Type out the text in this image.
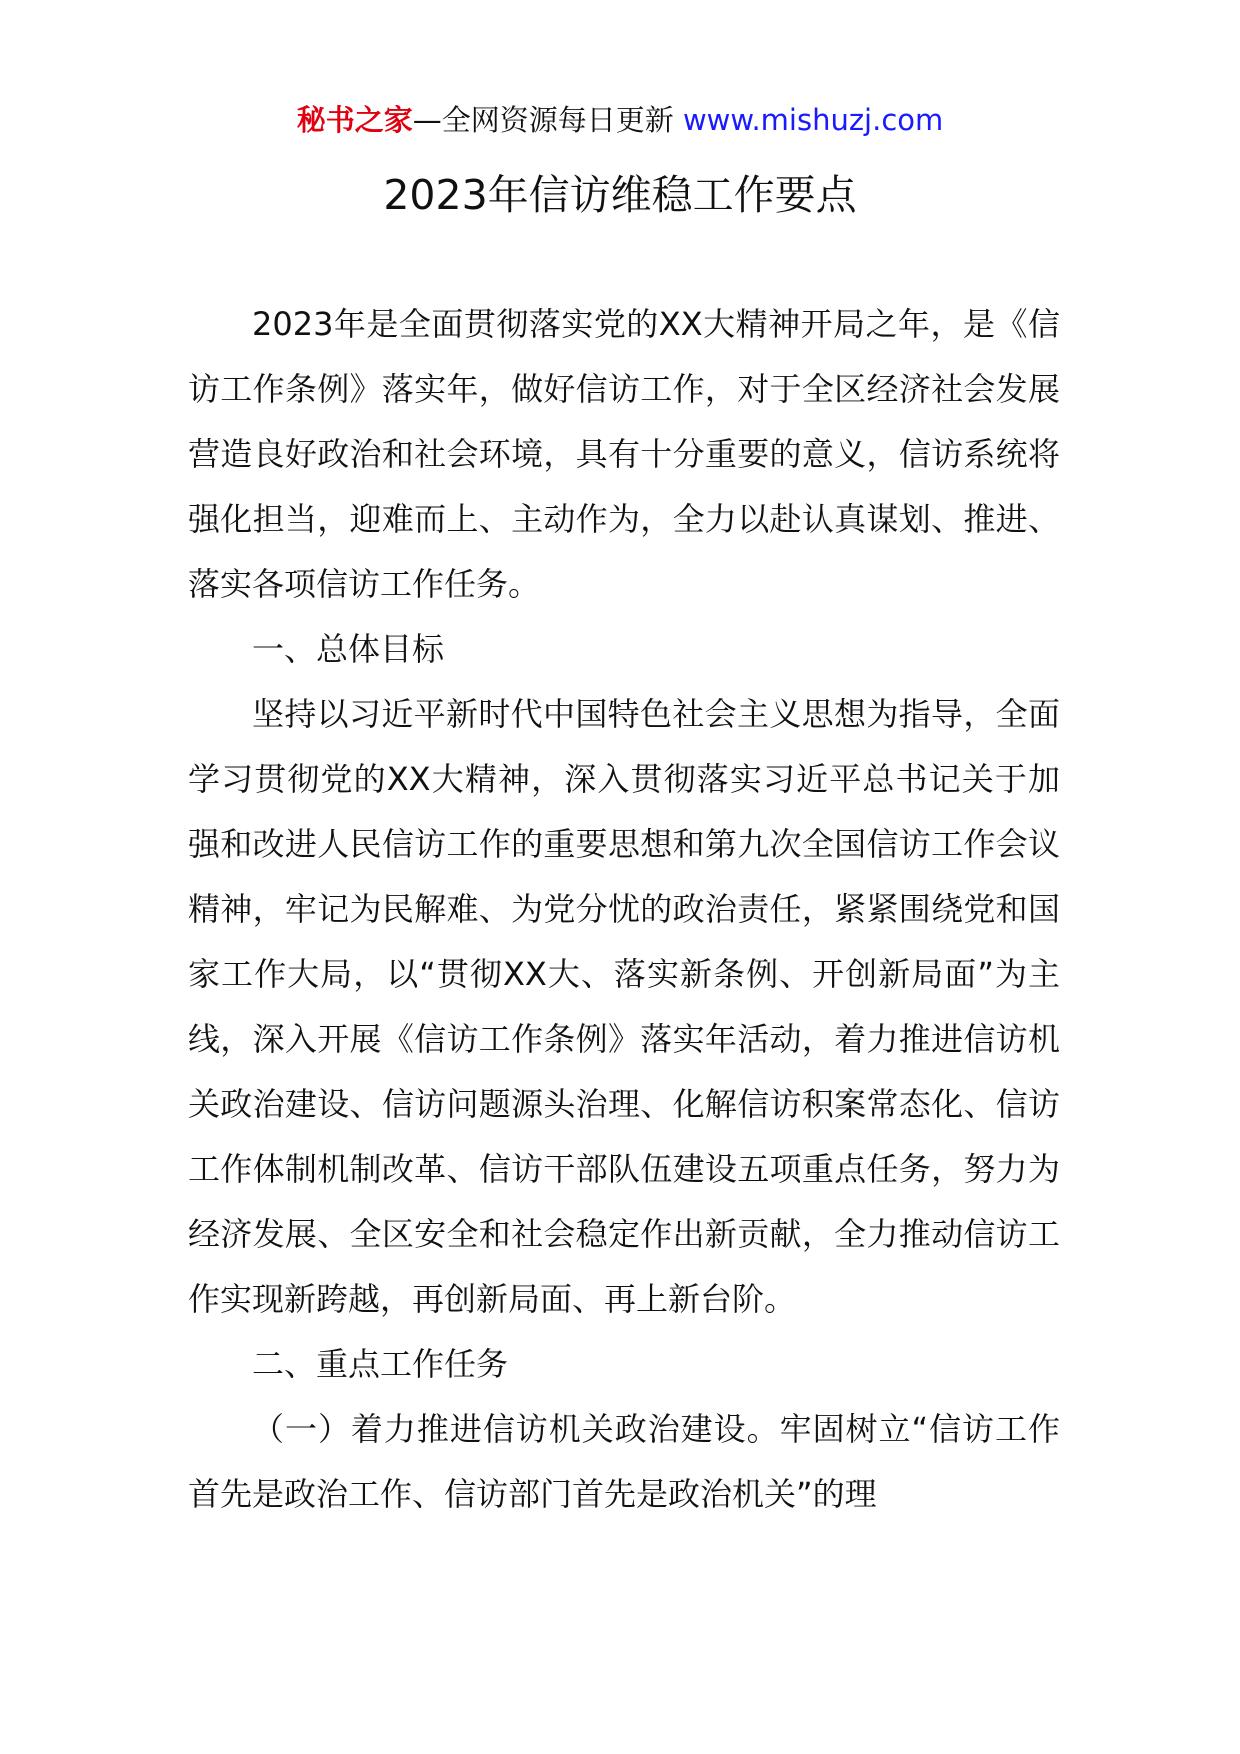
秘书之家—全网资源每日更新 www.mishuzj.com
2023年信访维稳工作要点

2023年是全面贯彻落实党的XX大精神开局之年，是《信访工作条例》落实年，做好信访工作，对于全区经济社会发展营造良好政治和社会环境，具有十分重要的意义，信访系统将强化担当，迎难而上、主动作为，全力以赴认真谋划、推进、落实各项信访工作任务。

一、总体目标

坚持以习近平新时代中国特色社会主义思想为指导，全面学习贯彻党的XX大精神，深入贯彻落实习近平总书记关于加强和改进人民信访工作的重要思想和第九次全国信访工作会议精神，牢记为民解难、为党分忧的政治责任，紧紧围绕党和国家工作大局，以“贯彻XX大、落实新条例、开创新局面”为主线，深入开展《信访工作条例》落实年活动，着力推进信访机关政治建设、信访问题源头治理、化解信访积案常态化、信访工作体制机制改革、信访干部队伍建设五项重点任务，努力为经济发展、全区安全和社会稳定作出新贡献，全力推动信访工作实现新跨越，再创新局面、再上新台阶。

二、重点工作任务

（一）着力推进信访机关政治建设。牢固树立“信访工作首先是政治工作、信访部门首先是政治机关”的理
